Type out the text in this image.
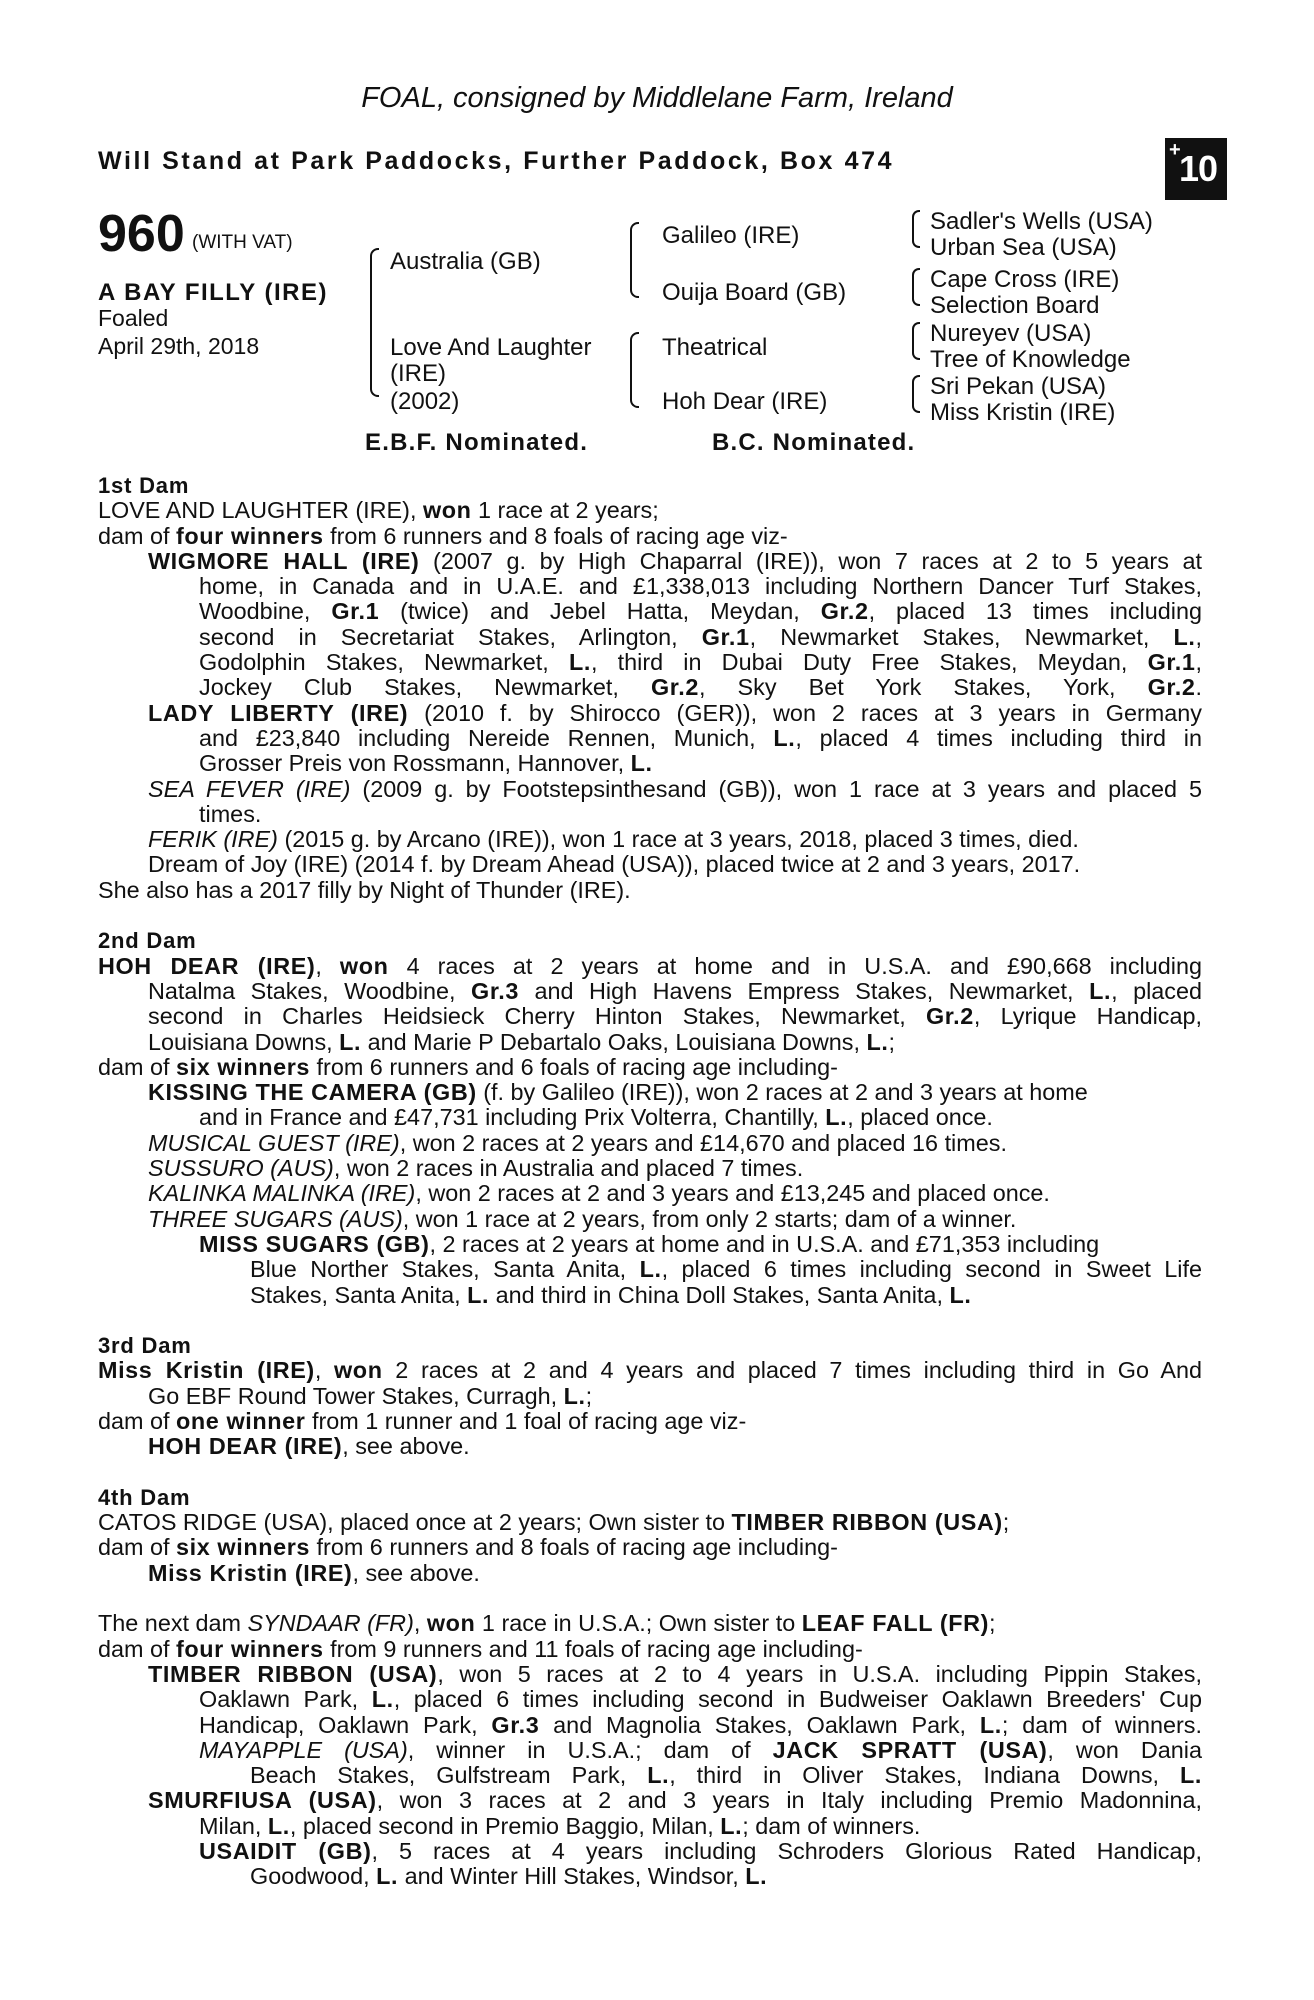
FOAL, consigned by Middlelane Farm, Ireland
Will Stand at Park Paddocks, Further Paddock, Box 474	+
10
960 (WITH VAT)
A BAY FILLY (IRE)
Foaled
April 29th, 2018
Australia (GB)
Love And Laughter
(IRE)
(2002)
Galileo (IRE)
Ouija Board (GB)
Theatrical
Hoh Dear (IRE)
Sadler's Wells (USA)
Urban Sea (USA)
Cape Cross (IRE)
Selection Board
Nureyev (USA)
Tree of Knowledge
Sri Pekan (USA)
Miss Kristin (IRE)
E.B.F. Nominated.	B.C. Nominated.
1st Dam
LOVE AND LAUGHTER (IRE), won 1 race at 2 years;
dam of four winners from 6 runners and 8 foals of racing age viz-
WIGMORE HALL (IRE) (2007 g. by High Chaparral (IRE)), won 7 races at 2 to 5 years at
home, in Canada and in U.A.E. and £1,338,013 including Northern Dancer Turf Stakes,
Woodbine, Gr.1 (twice) and Jebel Hatta, Meydan, Gr.2, placed 13 times including
second in Secretariat Stakes, Arlington, Gr.1, Newmarket Stakes, Newmarket, L.,
Godolphin Stakes, Newmarket, L., third in Dubai Duty Free Stakes, Meydan, Gr.1,
Jockey Club Stakes, Newmarket, Gr.2, Sky Bet York Stakes, York, Gr.2.
LADY LIBERTY (IRE) (2010 f. by Shirocco (GER)), won 2 races at 3 years in Germany
and £23,840 including Nereide Rennen, Munich, L., placed 4 times including third in
Grosser Preis von Rossmann, Hannover, L.
SEA FEVER (IRE) (2009 g. by Footstepsinthesand (GB)), won 1 race at 3 years and placed 5
times.
FERIK (IRE) (2015 g. by Arcano (IRE)), won 1 race at 3 years, 2018, placed 3 times, died.
Dream of Joy (IRE) (2014 f. by Dream Ahead (USA)), placed twice at 2 and 3 years, 2017.
She also has a 2017 filly by Night of Thunder (IRE).
2nd Dam
HOH DEAR (IRE), won 4 races at 2 years at home and in U.S.A. and £90,668 including
Natalma Stakes, Woodbine, Gr.3 and High Havens Empress Stakes, Newmarket, L., placed
second in Charles Heidsieck Cherry Hinton Stakes, Newmarket, Gr.2, Lyrique Handicap,
Louisiana Downs, L. and Marie P Debartalo Oaks, Louisiana Downs, L.;
dam of six winners from 6 runners and 6 foals of racing age including-
KISSING THE CAMERA (GB) (f. by Galileo (IRE)), won 2 races at 2 and 3 years at home
and in France and £47,731 including Prix Volterra, Chantilly, L., placed once.
MUSICAL GUEST (IRE), won 2 races at 2 years and £14,670 and placed 16 times.
SUSSURO (AUS), won 2 races in Australia and placed 7 times.
KALINKA MALINKA (IRE), won 2 races at 2 and 3 years and £13,245 and placed once.
THREE SUGARS (AUS), won 1 race at 2 years, from only 2 starts; dam of a winner.
MISS SUGARS (GB), 2 races at 2 years at home and in U.S.A. and £71,353 including
Blue Norther Stakes, Santa Anita, L., placed 6 times including second in Sweet Life
Stakes, Santa Anita, L. and third in China Doll Stakes, Santa Anita, L.
3rd Dam
Miss Kristin (IRE), won 2 races at 2 and 4 years and placed 7 times including third in Go And
Go EBF Round Tower Stakes, Curragh, L.;
dam of one winner from 1 runner and 1 foal of racing age viz-
HOH DEAR (IRE), see above.
4th Dam
CATOS RIDGE (USA), placed once at 2 years; Own sister to TIMBER RIBBON (USA);
dam of six winners from 6 runners and 8 foals of racing age including-
Miss Kristin (IRE), see above.
The next dam SYNDAAR (FR), won 1 race in U.S.A.; Own sister to LEAF FALL (FR);
dam of four winners from 9 runners and 11 foals of racing age including-
TIMBER RIBBON (USA), won 5 races at 2 to 4 years in U.S.A. including Pippin Stakes,
Oaklawn Park, L., placed 6 times including second in Budweiser Oaklawn Breeders' Cup
Handicap, Oaklawn Park, Gr.3 and Magnolia Stakes, Oaklawn Park, L.; dam of winners.
MAYAPPLE (USA), winner in U.S.A.; dam of JACK SPRATT (USA), won Dania
Beach Stakes, Gulfstream Park, L., third in Oliver Stakes, Indiana Downs, L.
SMURFIUSA (USA), won 3 races at 2 and 3 years in Italy including Premio Madonnina,
Milan, L., placed second in Premio Baggio, Milan, L.; dam of winners.
USAIDIT (GB), 5 races at 4 years including Schroders Glorious Rated Handicap,
Goodwood, L. and Winter Hill Stakes, Windsor, L.
